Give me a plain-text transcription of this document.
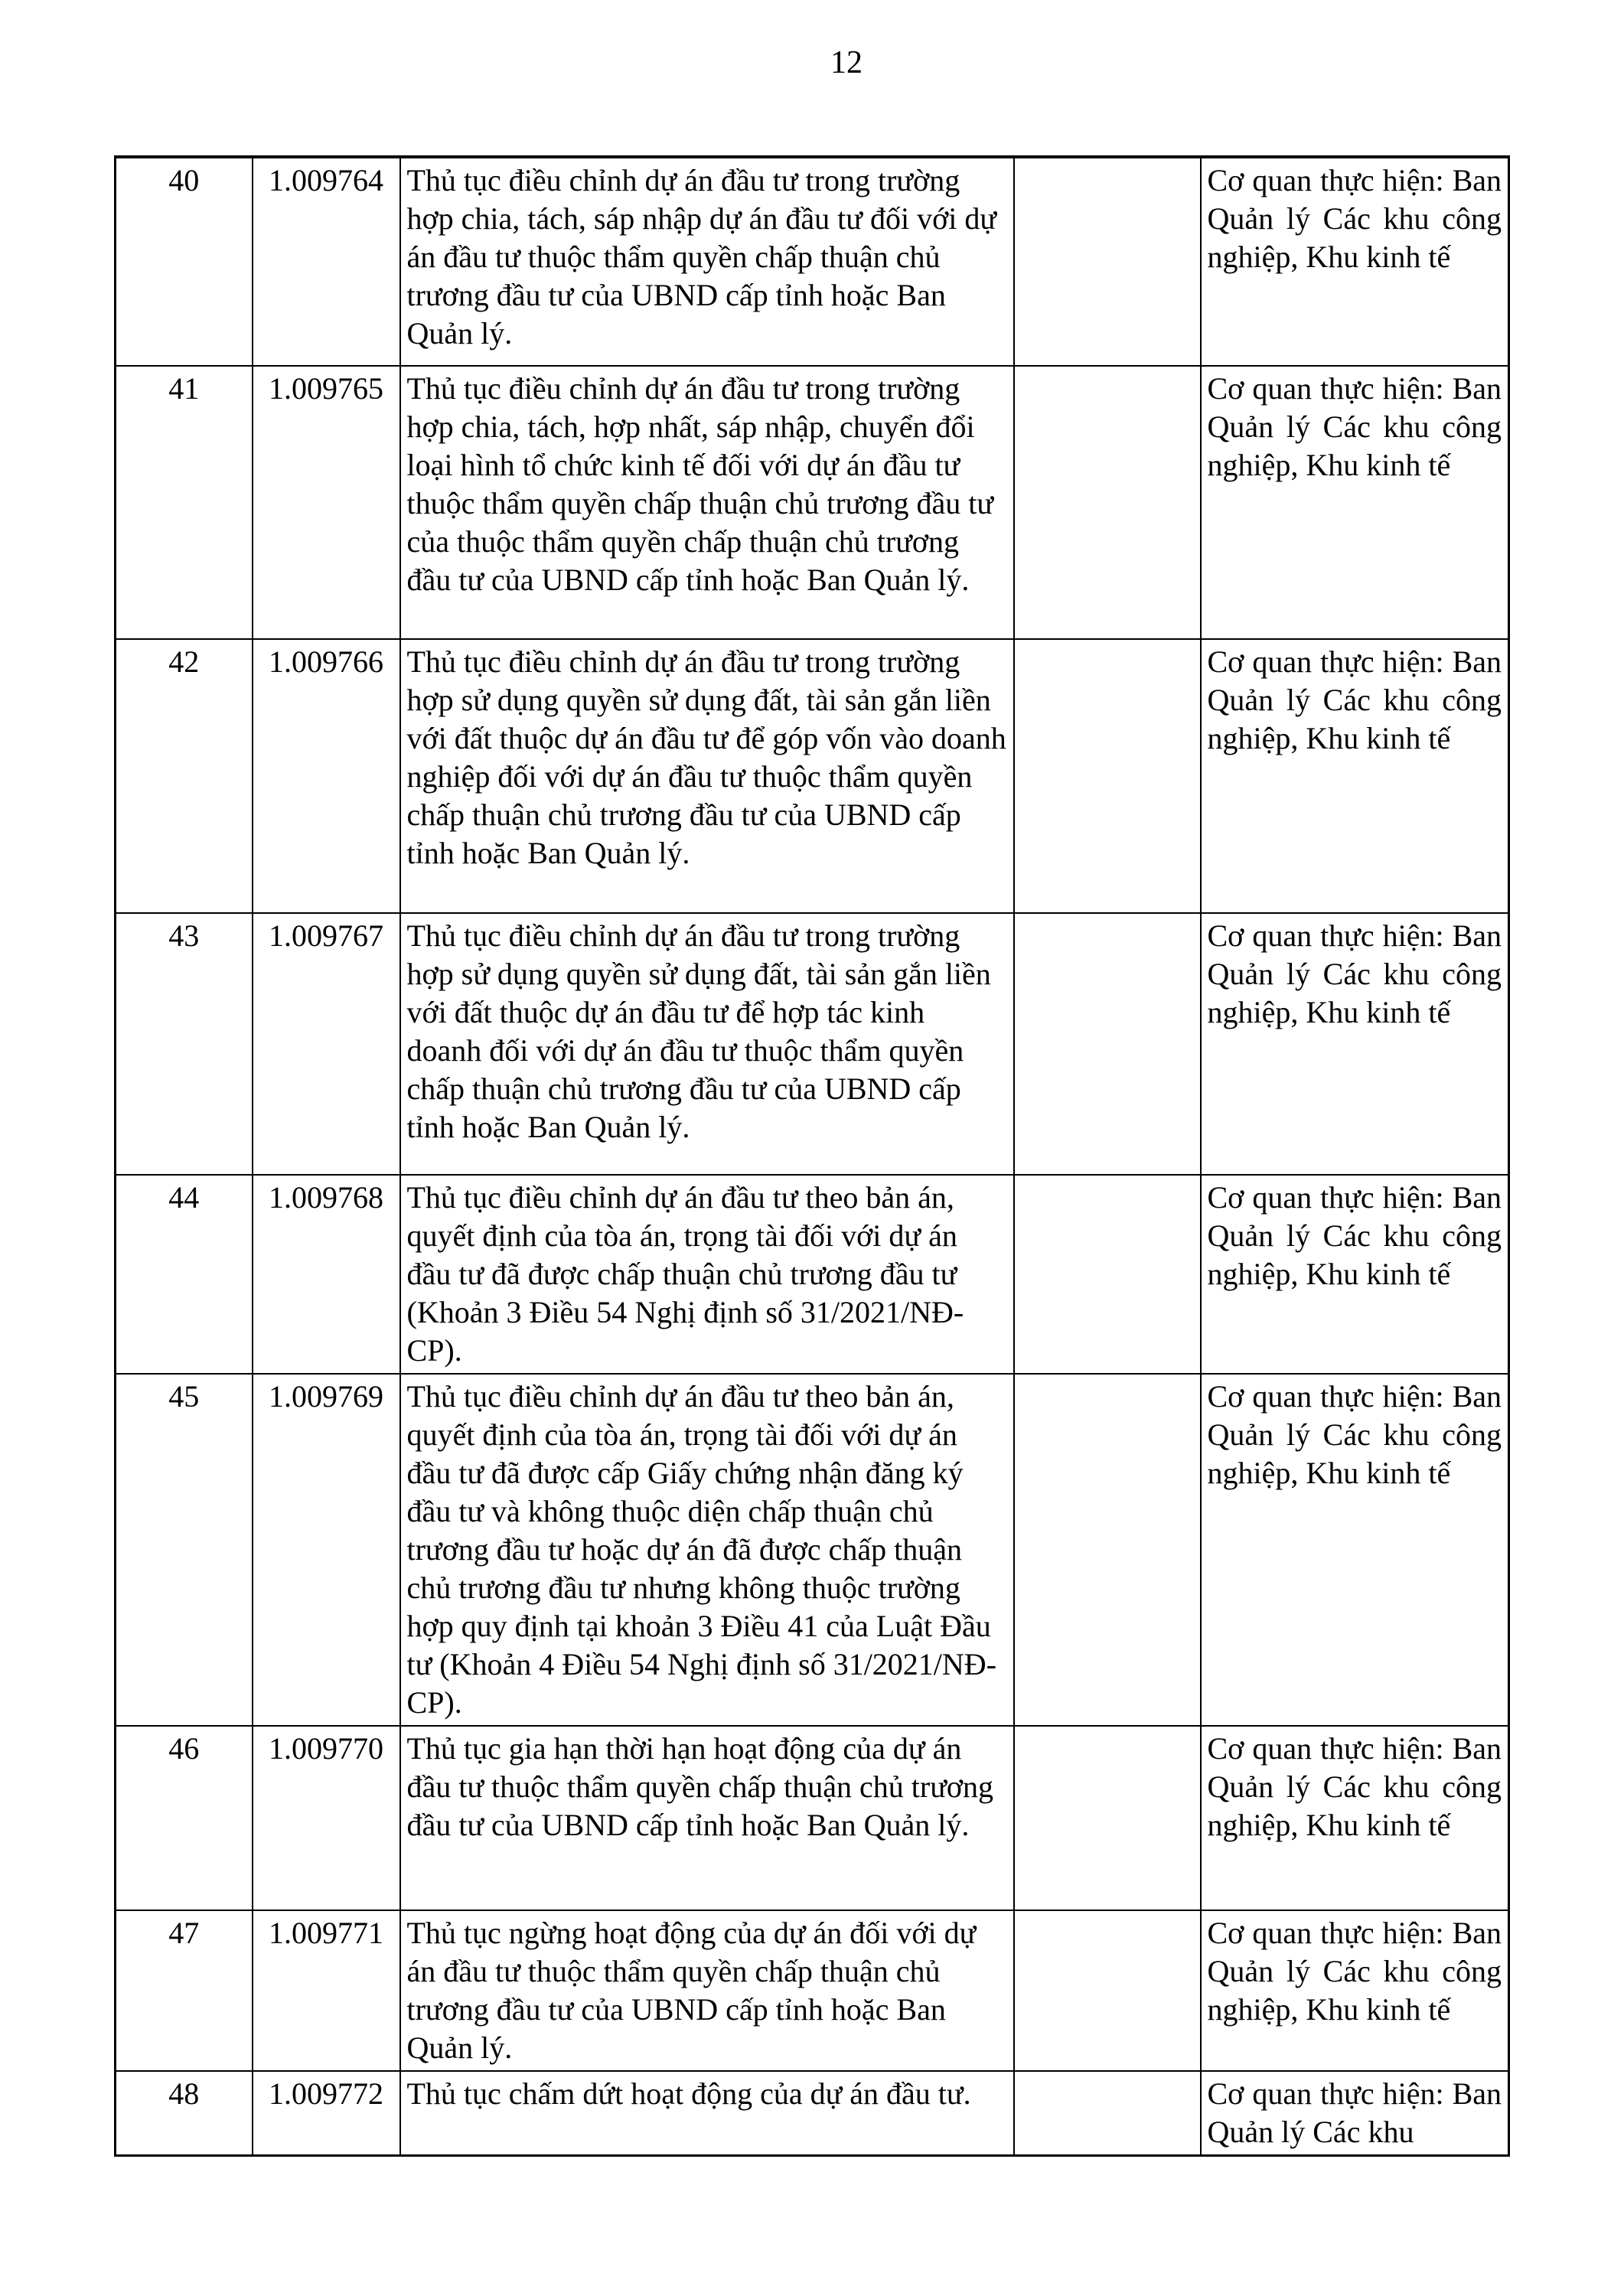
12
40	1.009764	Thủ tục điều chỉnh dự án đầu tư trong trường hợp chia, tách, sáp nhập dự án đầu tư đối với dự án đầu tư thuộc thẩm quyền chấp thuận chủ trương đầu tư của UBND cấp tỉnh hoặc Ban Quản lý.		Cơ quan thực hiện: Ban Quản lý Các khu công nghiệp, Khu kinh tế
41	1.009765	Thủ tục điều chỉnh dự án đầu tư trong trường hợp chia, tách, hợp nhất, sáp nhập, chuyển đổi loại hình tổ chức kinh tế đối với dự án đầu tư thuộc thẩm quyền chấp thuận chủ trương đầu tư của thuộc thẩm quyền chấp thuận chủ trương đầu tư của UBND cấp tỉnh hoặc Ban Quản lý.		Cơ quan thực hiện: Ban Quản lý Các khu công nghiệp, Khu kinh tế
42	1.009766	Thủ tục điều chỉnh dự án đầu tư trong trường hợp sử dụng quyền sử dụng đất, tài sản gắn liền với đất thuộc dự án đầu tư để góp vốn vào doanh nghiệp đối với dự án đầu tư thuộc thẩm quyền chấp thuận chủ trương đầu tư của UBND cấp tỉnh hoặc Ban Quản lý.		Cơ quan thực hiện: Ban Quản lý Các khu công nghiệp, Khu kinh tế
43	1.009767	Thủ tục điều chỉnh dự án đầu tư trong trường hợp sử dụng quyền sử dụng đất, tài sản gắn liền với đất thuộc dự án đầu tư để hợp tác kinh doanh đối với dự án đầu tư thuộc thẩm quyền chấp thuận chủ trương đầu tư của UBND cấp tỉnh hoặc Ban Quản lý.		Cơ quan thực hiện: Ban Quản lý Các khu công nghiệp, Khu kinh tế
44	1.009768	Thủ tục điều chỉnh dự án đầu tư theo bản án, quyết định của tòa án, trọng tài đối với dự án đầu tư đã được chấp thuận chủ trương đầu tư (Khoản 3 Điều 54 Nghị định số 31/2021/NĐ-CP).		Cơ quan thực hiện: Ban Quản lý Các khu công nghiệp, Khu kinh tế
45	1.009769	Thủ tục điều chỉnh dự án đầu tư theo bản án, quyết định của tòa án, trọng tài đối với dự án đầu tư đã được cấp Giấy chứng nhận đăng ký đầu tư và không thuộc diện chấp thuận chủ trương đầu tư hoặc dự án đã được chấp thuận chủ trương đầu tư nhưng không thuộc trường hợp quy định tại khoản 3 Điều 41 của Luật Đầu tư (Khoản 4 Điều 54 Nghị định số 31/2021/NĐ-CP).		Cơ quan thực hiện: Ban Quản lý Các khu công nghiệp, Khu kinh tế
46	1.009770	Thủ tục gia hạn thời hạn hoạt động của dự án đầu tư thuộc thẩm quyền chấp thuận chủ trương đầu tư của UBND cấp tỉnh hoặc Ban Quản lý.		Cơ quan thực hiện: Ban Quản lý Các khu công nghiệp, Khu kinh tế
47	1.009771	Thủ tục ngừng hoạt động của dự án đối với dự án đầu tư thuộc thẩm quyền chấp thuận chủ trương đầu tư của UBND cấp tỉnh hoặc Ban Quản lý.		Cơ quan thực hiện: Ban Quản lý Các khu công nghiệp, Khu kinh tế
48	1.009772	Thủ tục chấm dứt hoạt động của dự án đầu tư.		Cơ quan thực hiện: Ban Quản lý Các khu
